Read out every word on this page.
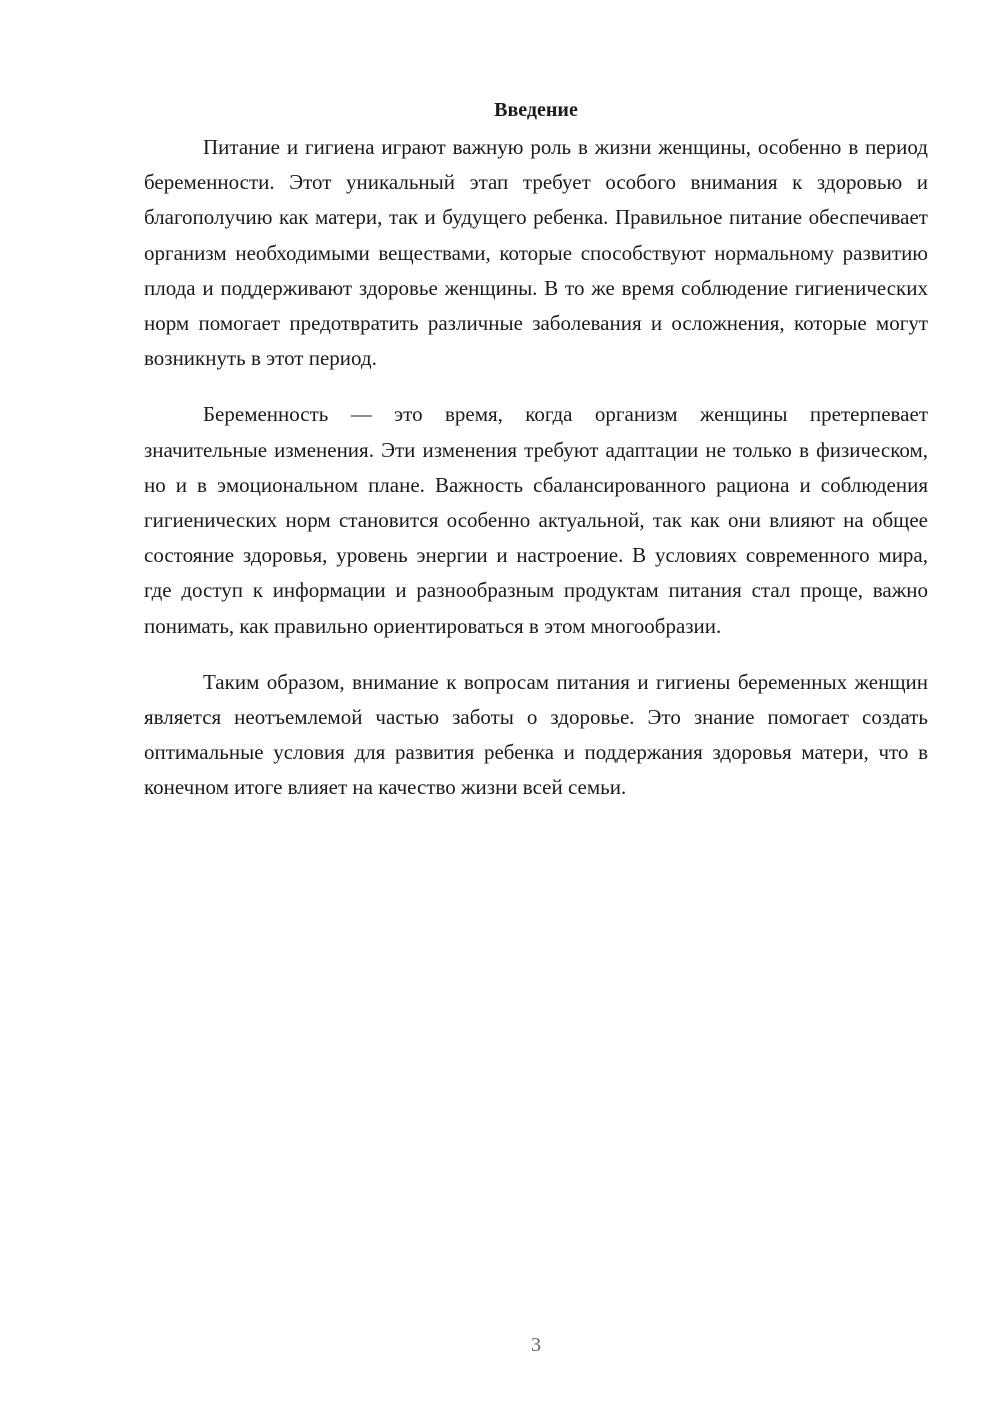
Введение

Питание и гигиена играют важную роль в жизни женщины, особенно в период беременности. Этот уникальный этап требует особого внимания к здоровью и благополучию как матери, так и будущего ребенка. Правильное питание обеспечивает организм необходимыми веществами, которые способствуют нормальному развитию плода и поддерживают здоровье женщины. В то же время соблюдение гигиенических норм помогает предотвратить различные заболевания и осложнения, которые могут возникнуть в этот период.

Беременность — это время, когда организм женщины претерпевает значительные изменения. Эти изменения требуют адаптации не только в физическом, но и в эмоциональном плане. Важность сбалансированного рациона и соблюдения гигиенических норм становится особенно актуальной, так как они влияют на общее состояние здоровья, уровень энергии и настроение. В условиях современного мира, где доступ к информации и разнообразным продуктам питания стал проще, важно понимать, как правильно ориентироваться в этом многообразии.

Таким образом, внимание к вопросам питания и гигиены беременных женщин является неотъемлемой частью заботы о здоровье. Это знание помогает создать оптимальные условия для развития ребенка и поддержания здоровья матери, что в конечном итоге влияет на качество жизни всей семьи.

3
